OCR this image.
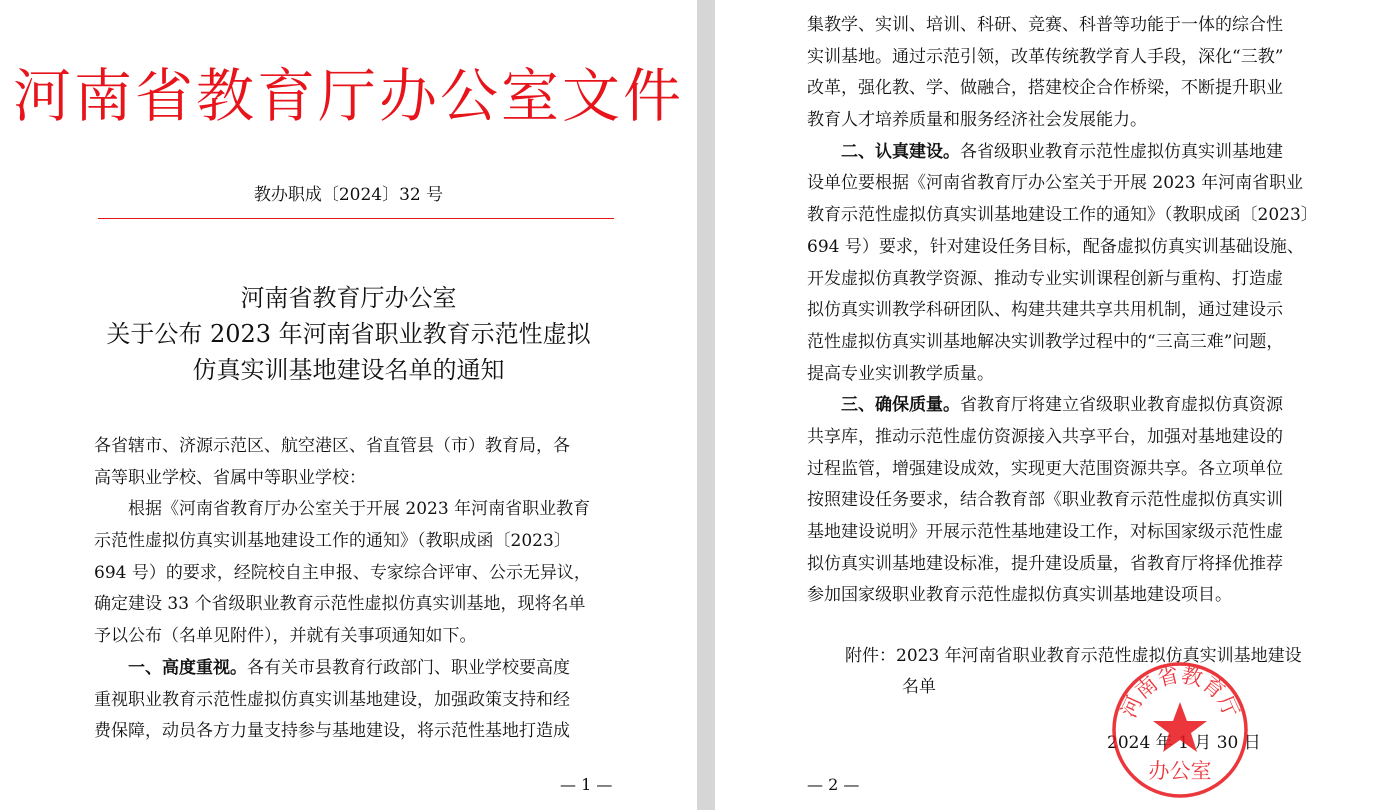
河南省教育厅办公室文件
教办职成〔2024〕32 号
河南省教育厅办公室
关于公布 2023 年河南省职业教育示范性虚拟
仿真实训基地建设名单的通知
各省辖市、济源示范区、航空港区、省直管县（市）教育局，各
高等职业学校、省属中等职业学校：
根据《河南省教育厅办公室关于开展 2023 年河南省职业教育
示范性虚拟仿真实训基地建设工作的通知》（教职成函〔2023〕
694 号）的要求，经院校自主申报、专家综合评审、公示无异议，
确定建设 33 个省级职业教育示范性虚拟仿真实训基地，现将名单
予以公布（名单见附件），并就有关事项通知如下。
一、高度重视。各有关市县教育行政部门、职业学校要高度
重视职业教育示范性虚拟仿真实训基地建设，加强政策支持和经
费保障，动员各方力量支持参与基地建设，将示范性基地打造成
— 1 —
集教学、实训、培训、科研、竞赛、科普等功能于一体的综合性
实训基地。通过示范引领，改革传统教学育人手段，深化“三教”
改革，强化教、学、做融合，搭建校企合作桥梁，不断提升职业
教育人才培养质量和服务经济社会发展能力。
二、认真建设。各省级职业教育示范性虚拟仿真实训基地建
设单位要根据《河南省教育厅办公室关于开展 2023 年河南省职业
教育示范性虚拟仿真实训基地建设工作的通知》（教职成函〔2023〕
694 号）要求，针对建设任务目标，配备虚拟仿真实训基础设施、
开发虚拟仿真教学资源、推动专业实训课程创新与重构、打造虚
拟仿真实训教学科研团队、构建共建共享共用机制，通过建设示
范性虚拟仿真实训基地解决实训教学过程中的“三高三难”问题，
提高专业实训教学质量。
三、确保质量。省教育厅将建立省级职业教育虚拟仿真资源
共享库，推动示范性虚仿资源接入共享平台，加强对基地建设的
过程监管，增强建设成效，实现更大范围资源共享。各立项单位
按照建设任务要求，结合教育部《职业教育示范性虚拟仿真实训
基地建设说明》开展示范性基地建设工作，对标国家级示范性虚
拟仿真实训基地建设标准，提升建设质量，省教育厅将择优推荐
参加国家级职业教育示范性虚拟仿真实训基地建设项目。
附件：2023 年河南省职业教育示范性虚拟仿真实训基地建设
名单
2024 年 1 月 30 日
河南省教育厅
办公室
— 2 —
